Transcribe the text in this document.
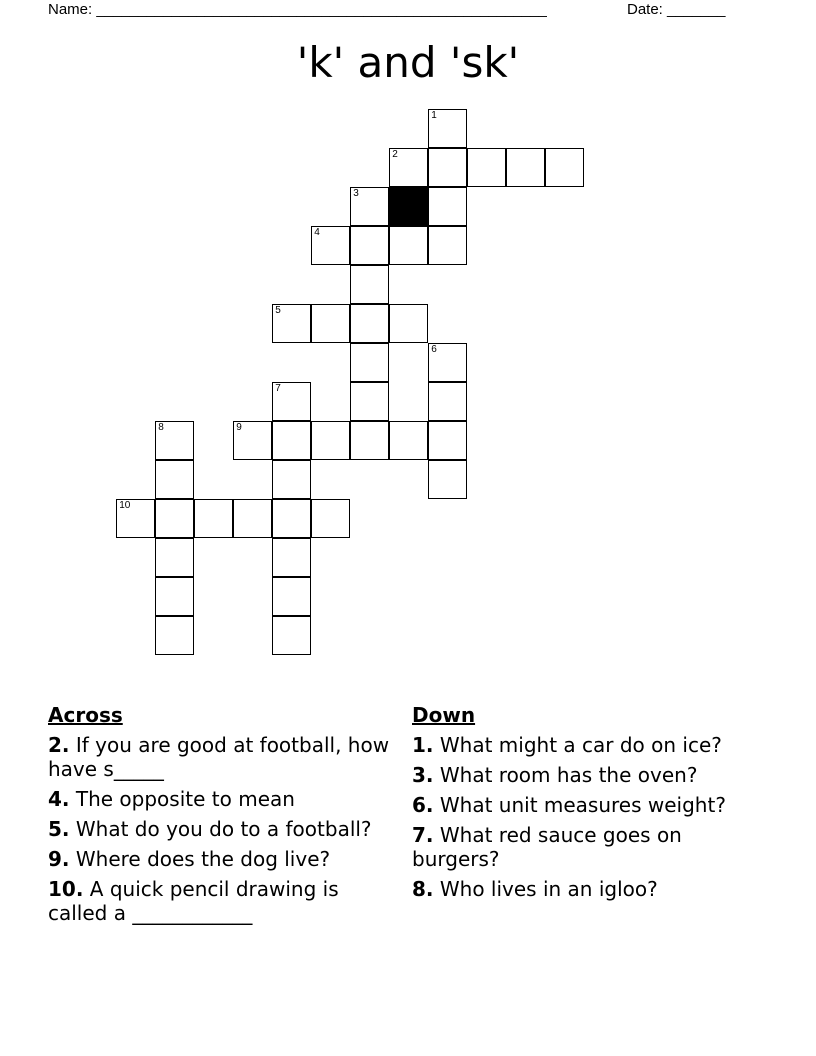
Name: ______________________________________________________	Date: _______
'k' and 'sk'
1
2
3
4
5
6
7
8	9
10
Across
2. If you are good at football, how have s_____
4. The opposite to mean
5. What do you do to a football?
9. Where does the dog live?
10. A quick pencil drawing is called a ____________
Down
1. What might a car do on ice?
3. What room has the oven?
6. What unit measures weight?
7. What red sauce goes on burgers?
8. Who lives in an igloo?
